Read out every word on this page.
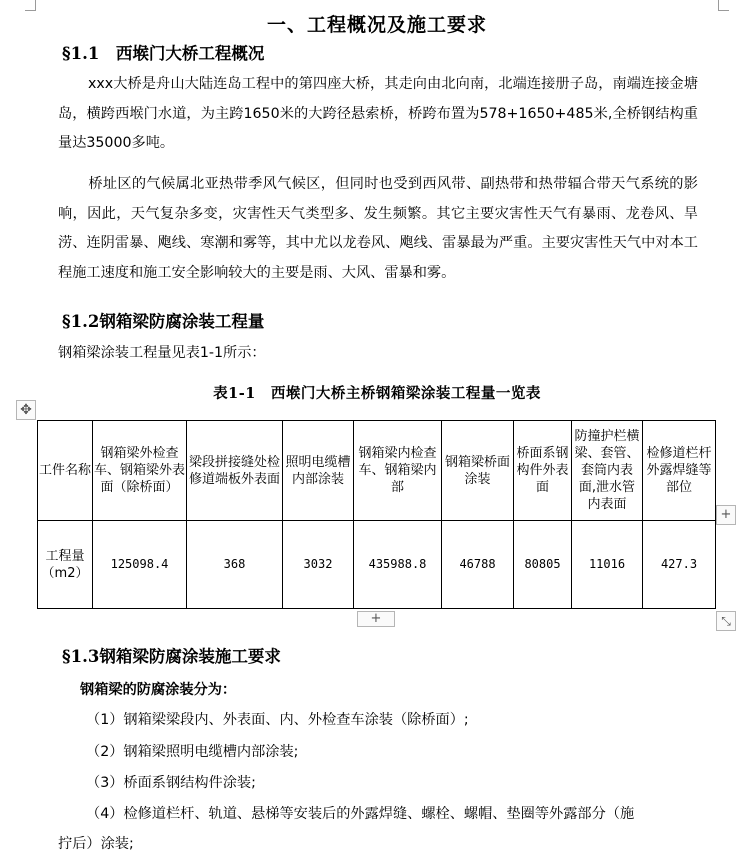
一、工程概况及施工要求
§1.1　西堠门大桥工程概况
xxx大桥是舟山大陆连岛工程中的第四座大桥，其走向由北向南，北端连接册子岛，南端连接金塘岛，横跨西堠门水道，为主跨1650米的大跨径悬索桥，桥跨布置为578+1650+485米,全桥钢结构重量达35000多吨。
桥址区的气候属北亚热带季风气候区，但同时也受到西风带、副热带和热带辐合带天气系统的影响，因此，天气复杂多变，灾害性天气类型多、发生频繁。其它主要灾害性天气有暴雨、龙卷风、旱涝、连阴雷暴、飑线、寒潮和雾等，其中尤以龙卷风、飑线、雷暴最为严重。主要灾害性天气中对本工程施工速度和施工安全影响较大的主要是雨、大风、雷暴和雾。
§1.2钢箱梁防腐涂装工程量
钢箱梁涂装工程量见表1-1所示：
表1-1　西堠门大桥主桥钢箱梁涂装工程量一览表
✥
工件名称	钢箱梁外检查车、钢箱梁外表面（除桥面）	梁段拼接缝处检修道端板外表面	照明电缆槽内部涂装	钢箱梁内检查车、钢箱梁内部	钢箱梁桥面涂装	桥面系钢构件外表面	防撞护栏横梁、套管、套筒内表面,泄水管内表面	检修道栏杆外露焊缝等部位
工程量（m2）	125098.4	368	3032	435988.8	46788	80805	11016	427.3
+
+	⤡
§1.3钢箱梁防腐涂装施工要求
钢箱梁的防腐涂装分为：
（1）钢箱梁梁段内、外表面、内、外检查车涂装（除桥面）;
（2）钢箱梁照明电缆槽内部涂装;
（3）桥面系钢结构件涂装;
（4）检修道栏杆、轨道、悬梯等安装后的外露焊缝、螺栓、螺帽、垫圈等外露部分（施
拧后）涂装;
